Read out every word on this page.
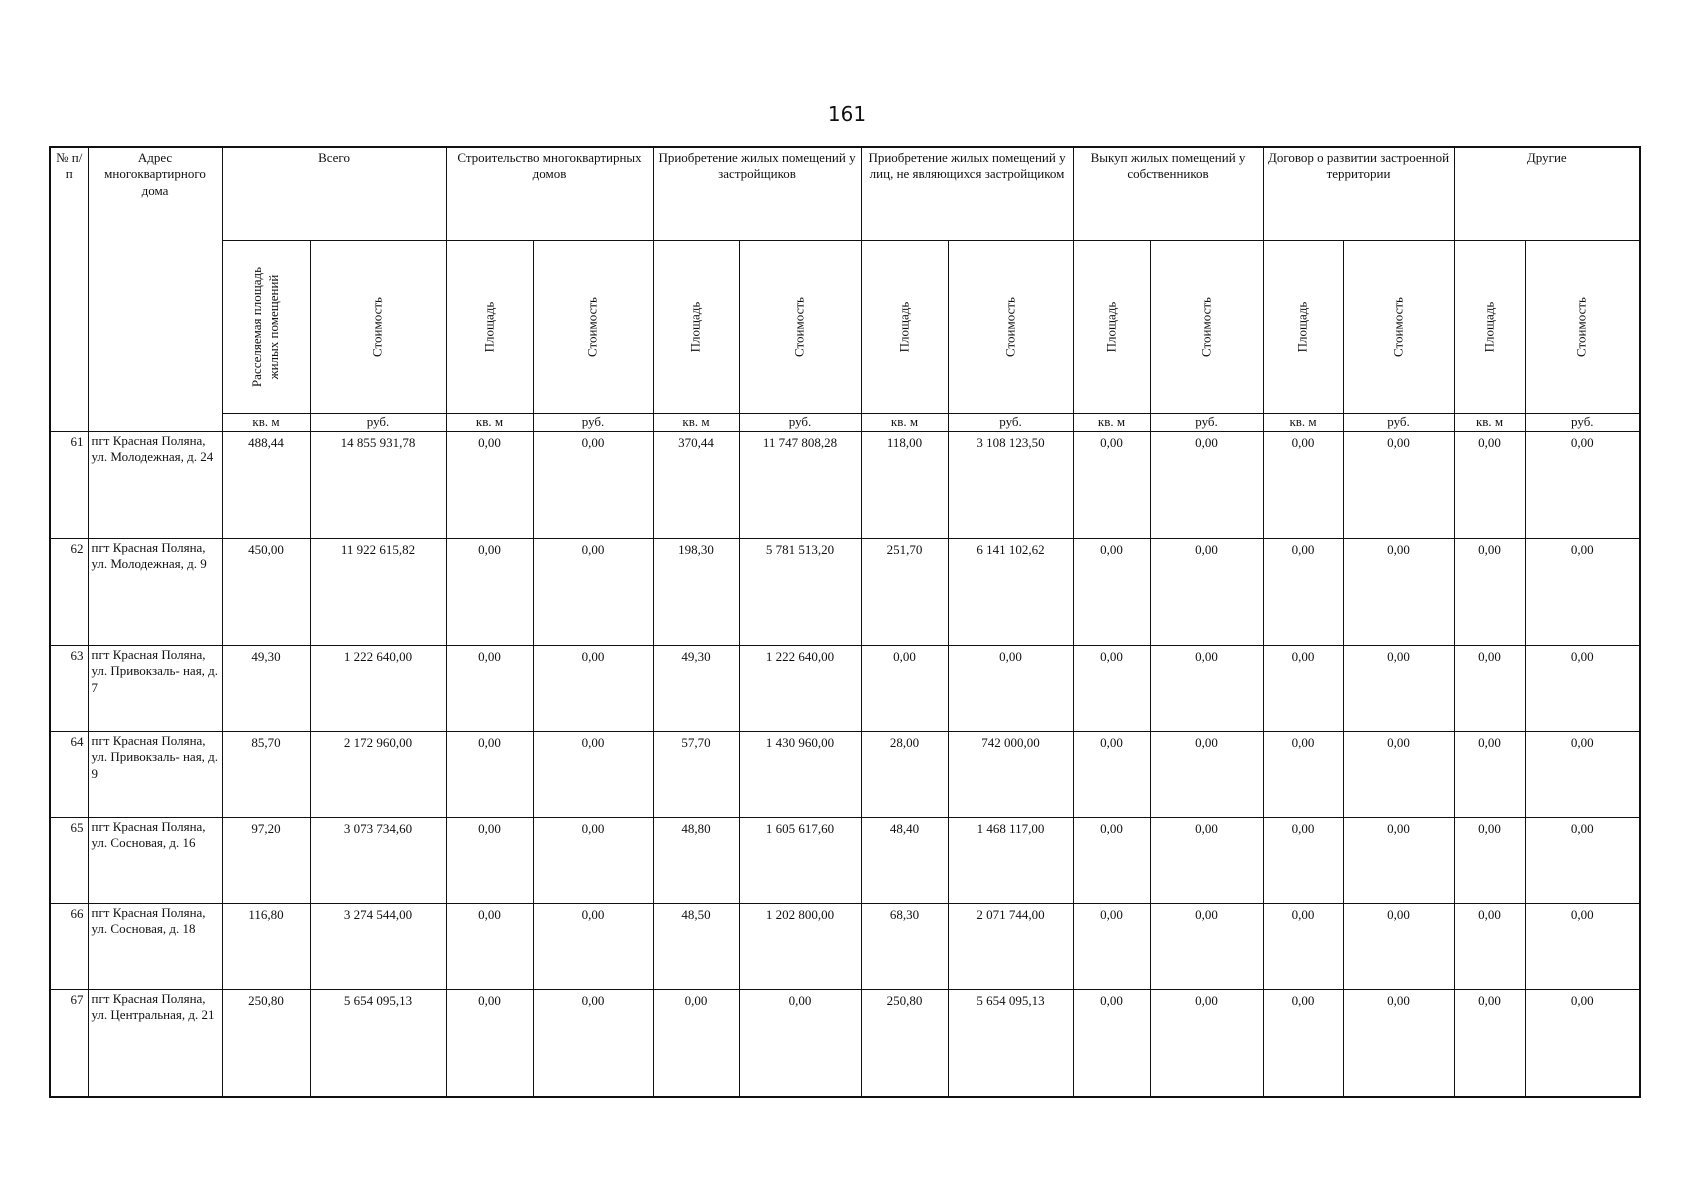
161
№ п/п	Адрес многоквартирного дома	Всего		Строительство многоквартирных домов		Приобретение жилых помещений у застройщиков		Приобретение жилых помещений у лиц, не являющихся застройщиком		Выкуп жилых помещений у собственников		Договор о развитии застроенной территории		Другие	

		Расселяемая площадь жилых помещений	Стоимость	Площадь	Стоимость	Площадь	Стоимость	Площадь	Стоимость	Площадь	Стоимость	Площадь	Стоимость	Площадь	Стоимость

		кв. м	руб.	кв. м	руб.	кв. м	руб.	кв. м	руб.	кв. м	руб.	кв. м	руб.	кв. м	руб.
61	пгт Красная Поляна, ул. Молодежная, д. 24	488,44	14 855 931,78	0,00	0,00	370,44	11 747 808,28	118,00	3 108 123,50	0,00	0,00	0,00	0,00	0,00	0,00
62	пгт Красная Поляна, ул. Молодежная, д. 9	450,00	11 922 615,82	0,00	0,00	198,30	5 781 513,20	251,70	6 141 102,62	0,00	0,00	0,00	0,00	0,00	0,00
63	пгт Красная Поляна, ул. Привокзаль- ная, д. 7	49,30	1 222 640,00	0,00	0,00	49,30	1 222 640,00	0,00	0,00	0,00	0,00	0,00	0,00	0,00	0,00
64	пгт Красная Поляна, ул. Привокзаль- ная, д. 9	85,70	2 172 960,00	0,00	0,00	57,70	1 430 960,00	28,00	742 000,00	0,00	0,00	0,00	0,00	0,00	0,00
65	пгт Красная Поляна, ул. Сосновая, д. 16	97,20	3 073 734,60	0,00	0,00	48,80	1 605 617,60	48,40	1 468 117,00	0,00	0,00	0,00	0,00	0,00	0,00
66	пгт Красная Поляна, ул. Сосновая, д. 18	116,80	3 274 544,00	0,00	0,00	48,50	1 202 800,00	68,30	2 071 744,00	0,00	0,00	0,00	0,00	0,00	0,00
67	пгт Красная Поляна, ул. Центральная, д. 21	250,80	5 654 095,13	0,00	0,00	0,00	0,00	250,80	5 654 095,13	0,00	0,00	0,00	0,00	0,00	0,00
